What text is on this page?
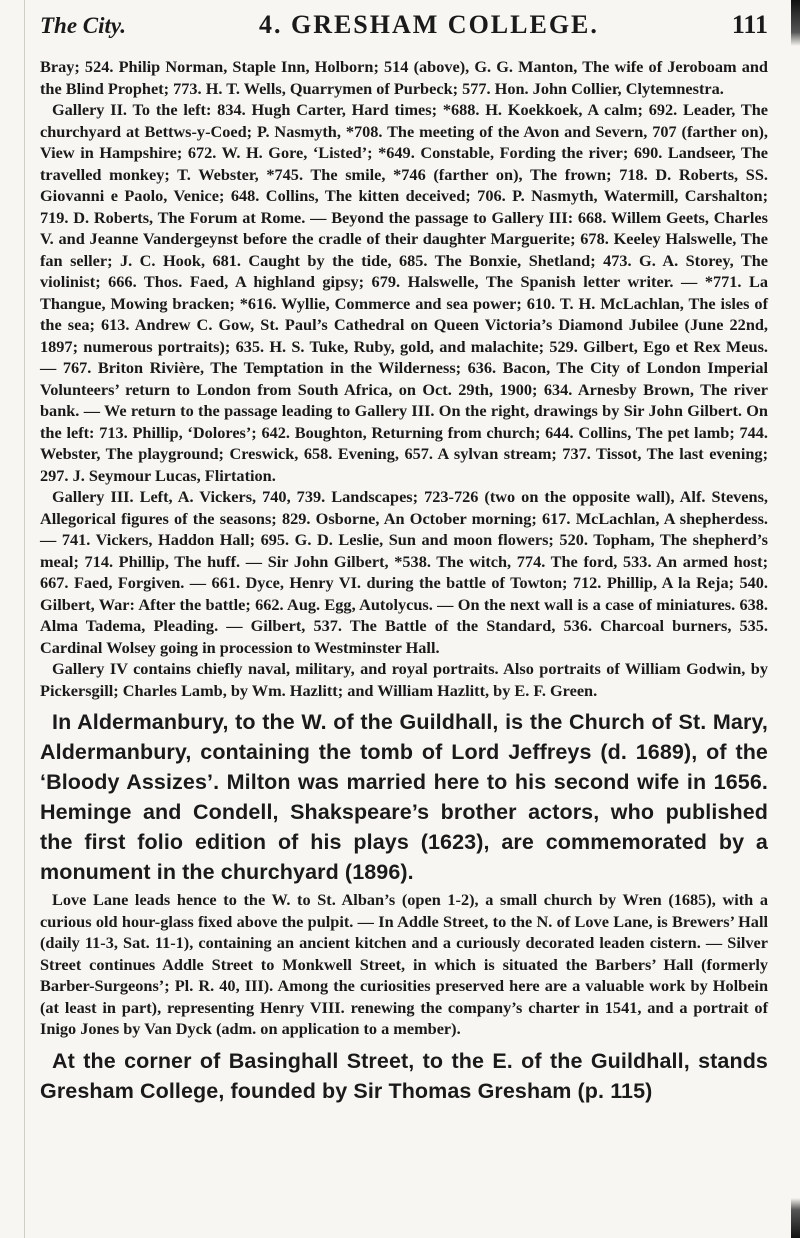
The City.	4. GRESHAM COLLEGE.	111

Bray; 524. Philip Norman, Staple Inn, Holborn; 514 (above), G. G. Manton, The wife of Jeroboam and the Blind Prophet; 773. H. T. Wells, Quarrymen of Purbeck; 577. Hon. John Collier, Clytemnestra.

Gallery II. To the left: 834. Hugh Carter, Hard times; *688. H. Koekkoek, A calm; 692. Leader, The churchyard at Bettws-y-Coed; P. Nasmyth, *708. The meeting of the Avon and Severn, 707 (farther on), View in Hampshire; 672. W. H. Gore, ‘Listed’; *649. Constable, Fording the river; 690. Landseer, The travelled monkey; T. Webster, *745. The smile, *746 (farther on), The frown; 718. D. Roberts, SS. Giovanni e Paolo, Venice; 648. Collins, The kitten deceived; 706. P. Nasmyth, Watermill, Carshalton; 719. D. Roberts, The Forum at Rome. — Beyond the passage to Gallery III: 668. Willem Geets, Charles V. and Jeanne Vandergeynst before the cradle of their daughter Marguerite; 678. Keeley Halswelle, The fan seller; J. C. Hook, 681. Caught by the tide, 685. The Bonxie, Shetland; 473. G. A. Storey, The violinist; 666. Thos. Faed, A highland gipsy; 679. Halswelle, The Spanish letter writer. — *771. La Thangue, Mowing bracken; *616. Wyllie, Commerce and sea power; 610. T. H. McLachlan, The isles of the sea; 613. Andrew C. Gow, St. Paul’s Cathedral on Queen Victoria’s Diamond Jubilee (June 22nd, 1897; numerous portraits); 635. H. S. Tuke, Ruby, gold, and malachite; 529. Gilbert, Ego et Rex Meus. — 767. Briton Rivière, The Temptation in the Wilderness; 636. Bacon, The City of London Imperial Volunteers’ return to London from South Africa, on Oct. 29th, 1900; 634. Arnesby Brown, The river bank. — We return to the passage leading to Gallery III. On the right, drawings by Sir John Gilbert. On the left: 713. Phillip, ‘Dolores’; 642. Boughton, Returning from church; 644. Collins, The pet lamb; 744. Webster, The playground; Creswick, 658. Evening, 657. A sylvan stream; 737. Tissot, The last evening; 297. J. Seymour Lucas, Flirtation.

Gallery III. Left, A. Vickers, 740, 739. Landscapes; 723-726 (two on the opposite wall), Alf. Stevens, Allegorical figures of the seasons; 829. Osborne, An October morning; 617. McLachlan, A shepherdess. — 741. Vickers, Haddon Hall; 695. G. D. Leslie, Sun and moon flowers; 520. Topham, The shepherd’s meal; 714. Phillip, The huff. — Sir John Gilbert, *538. The witch, 774. The ford, 533. An armed host; 667. Faed, Forgiven. — 661. Dyce, Henry VI. during the battle of Towton; 712. Phillip, A la Reja; 540. Gilbert, War: After the battle; 662. Aug. Egg, Autolycus. — On the next wall is a case of miniatures. 638. Alma Tadema, Pleading. — Gilbert, 537. The Battle of the Standard, 536. Charcoal burners, 535. Cardinal Wolsey going in procession to Westminster Hall.

Gallery IV contains chiefly naval, military, and royal portraits. Also portraits of William Godwin, by Pickersgill; Charles Lamb, by Wm. Hazlitt; and William Hazlitt, by E. F. Green.

In Aldermanbury, to the W. of the Guildhall, is the Church of St. Mary, Aldermanbury, containing the tomb of Lord Jeffreys (d. 1689), of the ‘Bloody Assizes’. Milton was married here to his second wife in 1656. Heminge and Condell, Shakspeare’s brother actors, who published the first folio edition of his plays (1623), are commemorated by a monument in the churchyard (1896).

Love Lane leads hence to the W. to St. Alban’s (open 1-2), a small church by Wren (1685), with a curious old hour-glass fixed above the pulpit. — In Addle Street, to the N. of Love Lane, is Brewers’ Hall (daily 11-3, Sat. 11-1), containing an ancient kitchen and a curiously decorated leaden cistern. — Silver Street continues Addle Street to Monkwell Street, in which is situated the Barbers’ Hall (formerly Barber-Surgeons’; Pl. R. 40, III). Among the curiosities preserved here are a valuable work by Holbein (at least in part), representing Henry VIII. renewing the company’s charter in 1541, and a portrait of Inigo Jones by Van Dyck (adm. on application to a member).

At the corner of Basinghall Street, to the E. of the Guildhall, stands Gresham College, founded by Sir Thomas Gresham (p. 115)
